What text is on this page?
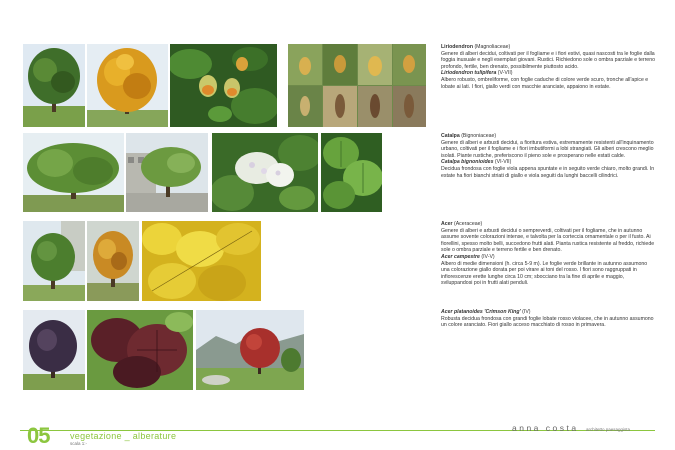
Liriodendron (Magnoliaceae)

Genere di alberi decidui, coltivati per il fogliame e i fiori estivi, quasi nascosti tra le foglie dalla foggia inusuale e negli esemplari giovani. Rustici. Richiedono sole o ombra parziale e terreno profondo, fertile, ben drenato, possibilmente piuttosto acido.

Liriodendron tulipifera (V-VII)

Albero robusto, ombreliforme, con foglie caduche di colore verde scuro, tronche all'apice e lobate ai lati. I fiori, giallo verdi con macchie aranciate, appaiono in estate.

Catalpa (Bignoniaceae)

Genere di alberi e arbusti decidui, a fioritura estiva, estremamente resistenti all'inquinamento urbano, coltivati per il fogliame e i fiori imbutiformi a lobi strangiati. Gli alberi crescono meglio isolati. Piante rustiche, preferiscono il pieno sole e prosperano nelle estati calde.

Catalpa bignonioides (VI-VII)

Decidua frondosa con foglie viola appena spuntate e in seguito verde chiaro, molto grandi. In estate ha fiori bianchi striati di giallo e viola seguiti da lunghi baccelli cilindrici.

Acer (Aceraceae)

Genere di alberi e arbusti decidui o sempreverdi, coltivati per il fogliame, che in autunno assume sovente colorazioni intense, e talvolta per la corteccia ornamentale o per il fusto. Ai fiorellini, spesso molto belli, succedono frutti alati. Pianta rustica resistente al freddo, richiede sole o ombra parziale e terreno fertile e ben drenato.

Acer campestre (IV-V)

Albero di medie dimensioni (h. circa 5-9 m). Le foglie verde brillante in autunno assumono una colorazione giallo dorata per poi virare ai toni del rosso. I fiori sono raggruppati in infiorescenze erette lunghe circa 10 cm; sbocciano tra la fine di aprile e maggio, sviluppandosi poi in frutti alati penduli.

Acer platanoides 'Crimson King' (IV)

Robusta decidua frondosa con grandi foglie lobate rosso violacee, che in autunno assumono un colore aranciato. Fiori giallo acceso macchiato di rosso in primavera.

05 vegetazione _ alberature
scala 1:-
anna costa architetto paesaggista
